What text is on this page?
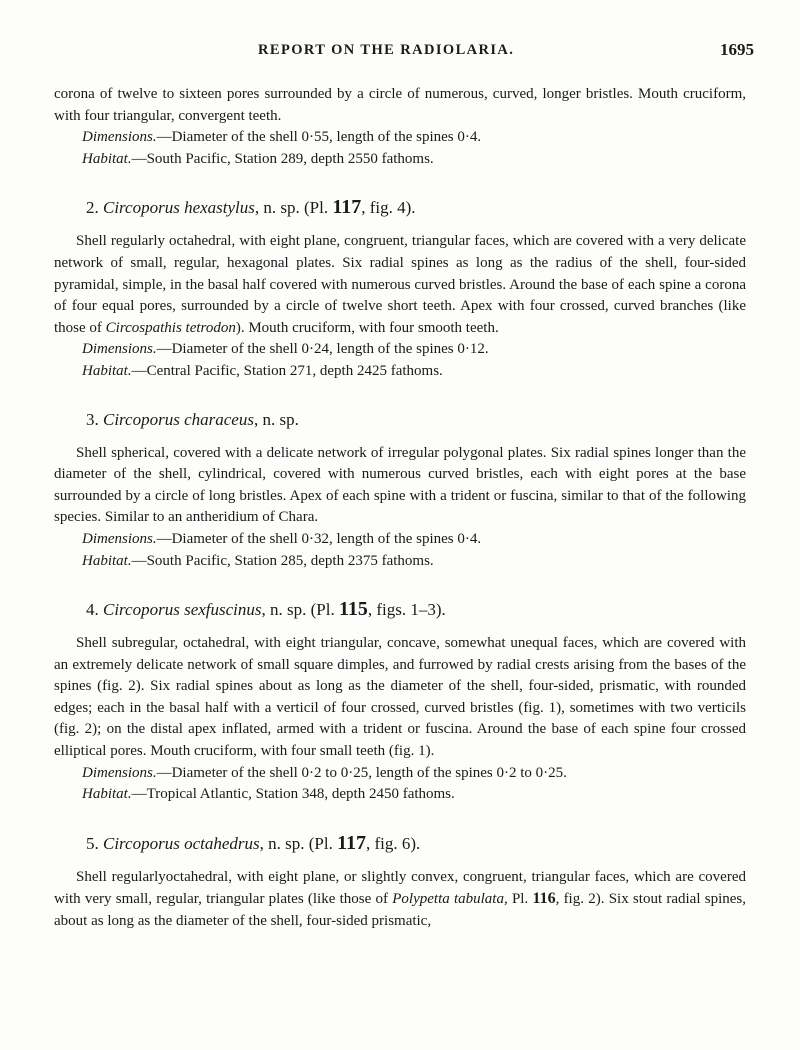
REPORT ON THE RADIOLARIA.	1695

corona of twelve to sixteen pores surrounded by a circle of numerous, curved, longer bristles. Mouth cruciform, with four triangular, convergent teeth.

Dimensions.—Diameter of the shell 0·55, length of the spines 0·4.

Habitat.—South Pacific, Station 289, depth 2550 fathoms.

2. Circoporus hexastylus, n. sp. (Pl. 117, fig. 4).

Shell regularly octahedral, with eight plane, congruent, triangular faces, which are covered with a very delicate network of small, regular, hexagonal plates. Six radial spines as long as the radius of the shell, four-sided pyramidal, simple, in the basal half covered with numerous curved bristles. Around the base of each spine a corona of four equal pores, surrounded by a circle of twelve short teeth. Apex with four crossed, curved branches (like those of Circospathis tetrodon). Mouth cruciform, with four smooth teeth.

Dimensions.—Diameter of the shell 0·24, length of the spines 0·12.

Habitat.—Central Pacific, Station 271, depth 2425 fathoms.

3. Circoporus characeus, n. sp.

Shell spherical, covered with a delicate network of irregular polygonal plates. Six radial spines longer than the diameter of the shell, cylindrical, covered with numerous curved bristles, each with eight pores at the base surrounded by a circle of long bristles. Apex of each spine with a trident or fuscina, similar to that of the following species. Similar to an antheridium of Chara.

Dimensions.—Diameter of the shell 0·32, length of the spines 0·4.

Habitat.—South Pacific, Station 285, depth 2375 fathoms.

4. Circoporus sexfuscinus, n. sp. (Pl. 115, figs. 1–3).

Shell subregular, octahedral, with eight triangular, concave, somewhat unequal faces, which are covered with an extremely delicate network of small square dimples, and furrowed by radial crests arising from the bases of the spines (fig. 2). Six radial spines about as long as the diameter of the shell, four-sided, prismatic, with rounded edges; each in the basal half with a verticil of four crossed, curved bristles (fig. 1), sometimes with two verticils (fig. 2); on the distal apex inflated, armed with a trident or fuscina. Around the base of each spine four crossed elliptical pores. Mouth cruciform, with four small teeth (fig. 1).

Dimensions.—Diameter of the shell 0·2 to 0·25, length of the spines 0·2 to 0·25.

Habitat.—Tropical Atlantic, Station 348, depth 2450 fathoms.

5. Circoporus octahedrus, n. sp. (Pl. 117, fig. 6).

Shell regularlyoctahedral, with eight plane, or slightly convex, congruent, triangular faces, which are covered with very small, regular, triangular plates (like those of Polypetta tabulata, Pl. 116, fig. 2). Six stout radial spines, about as long as the diameter of the shell, four-sided prismatic,
